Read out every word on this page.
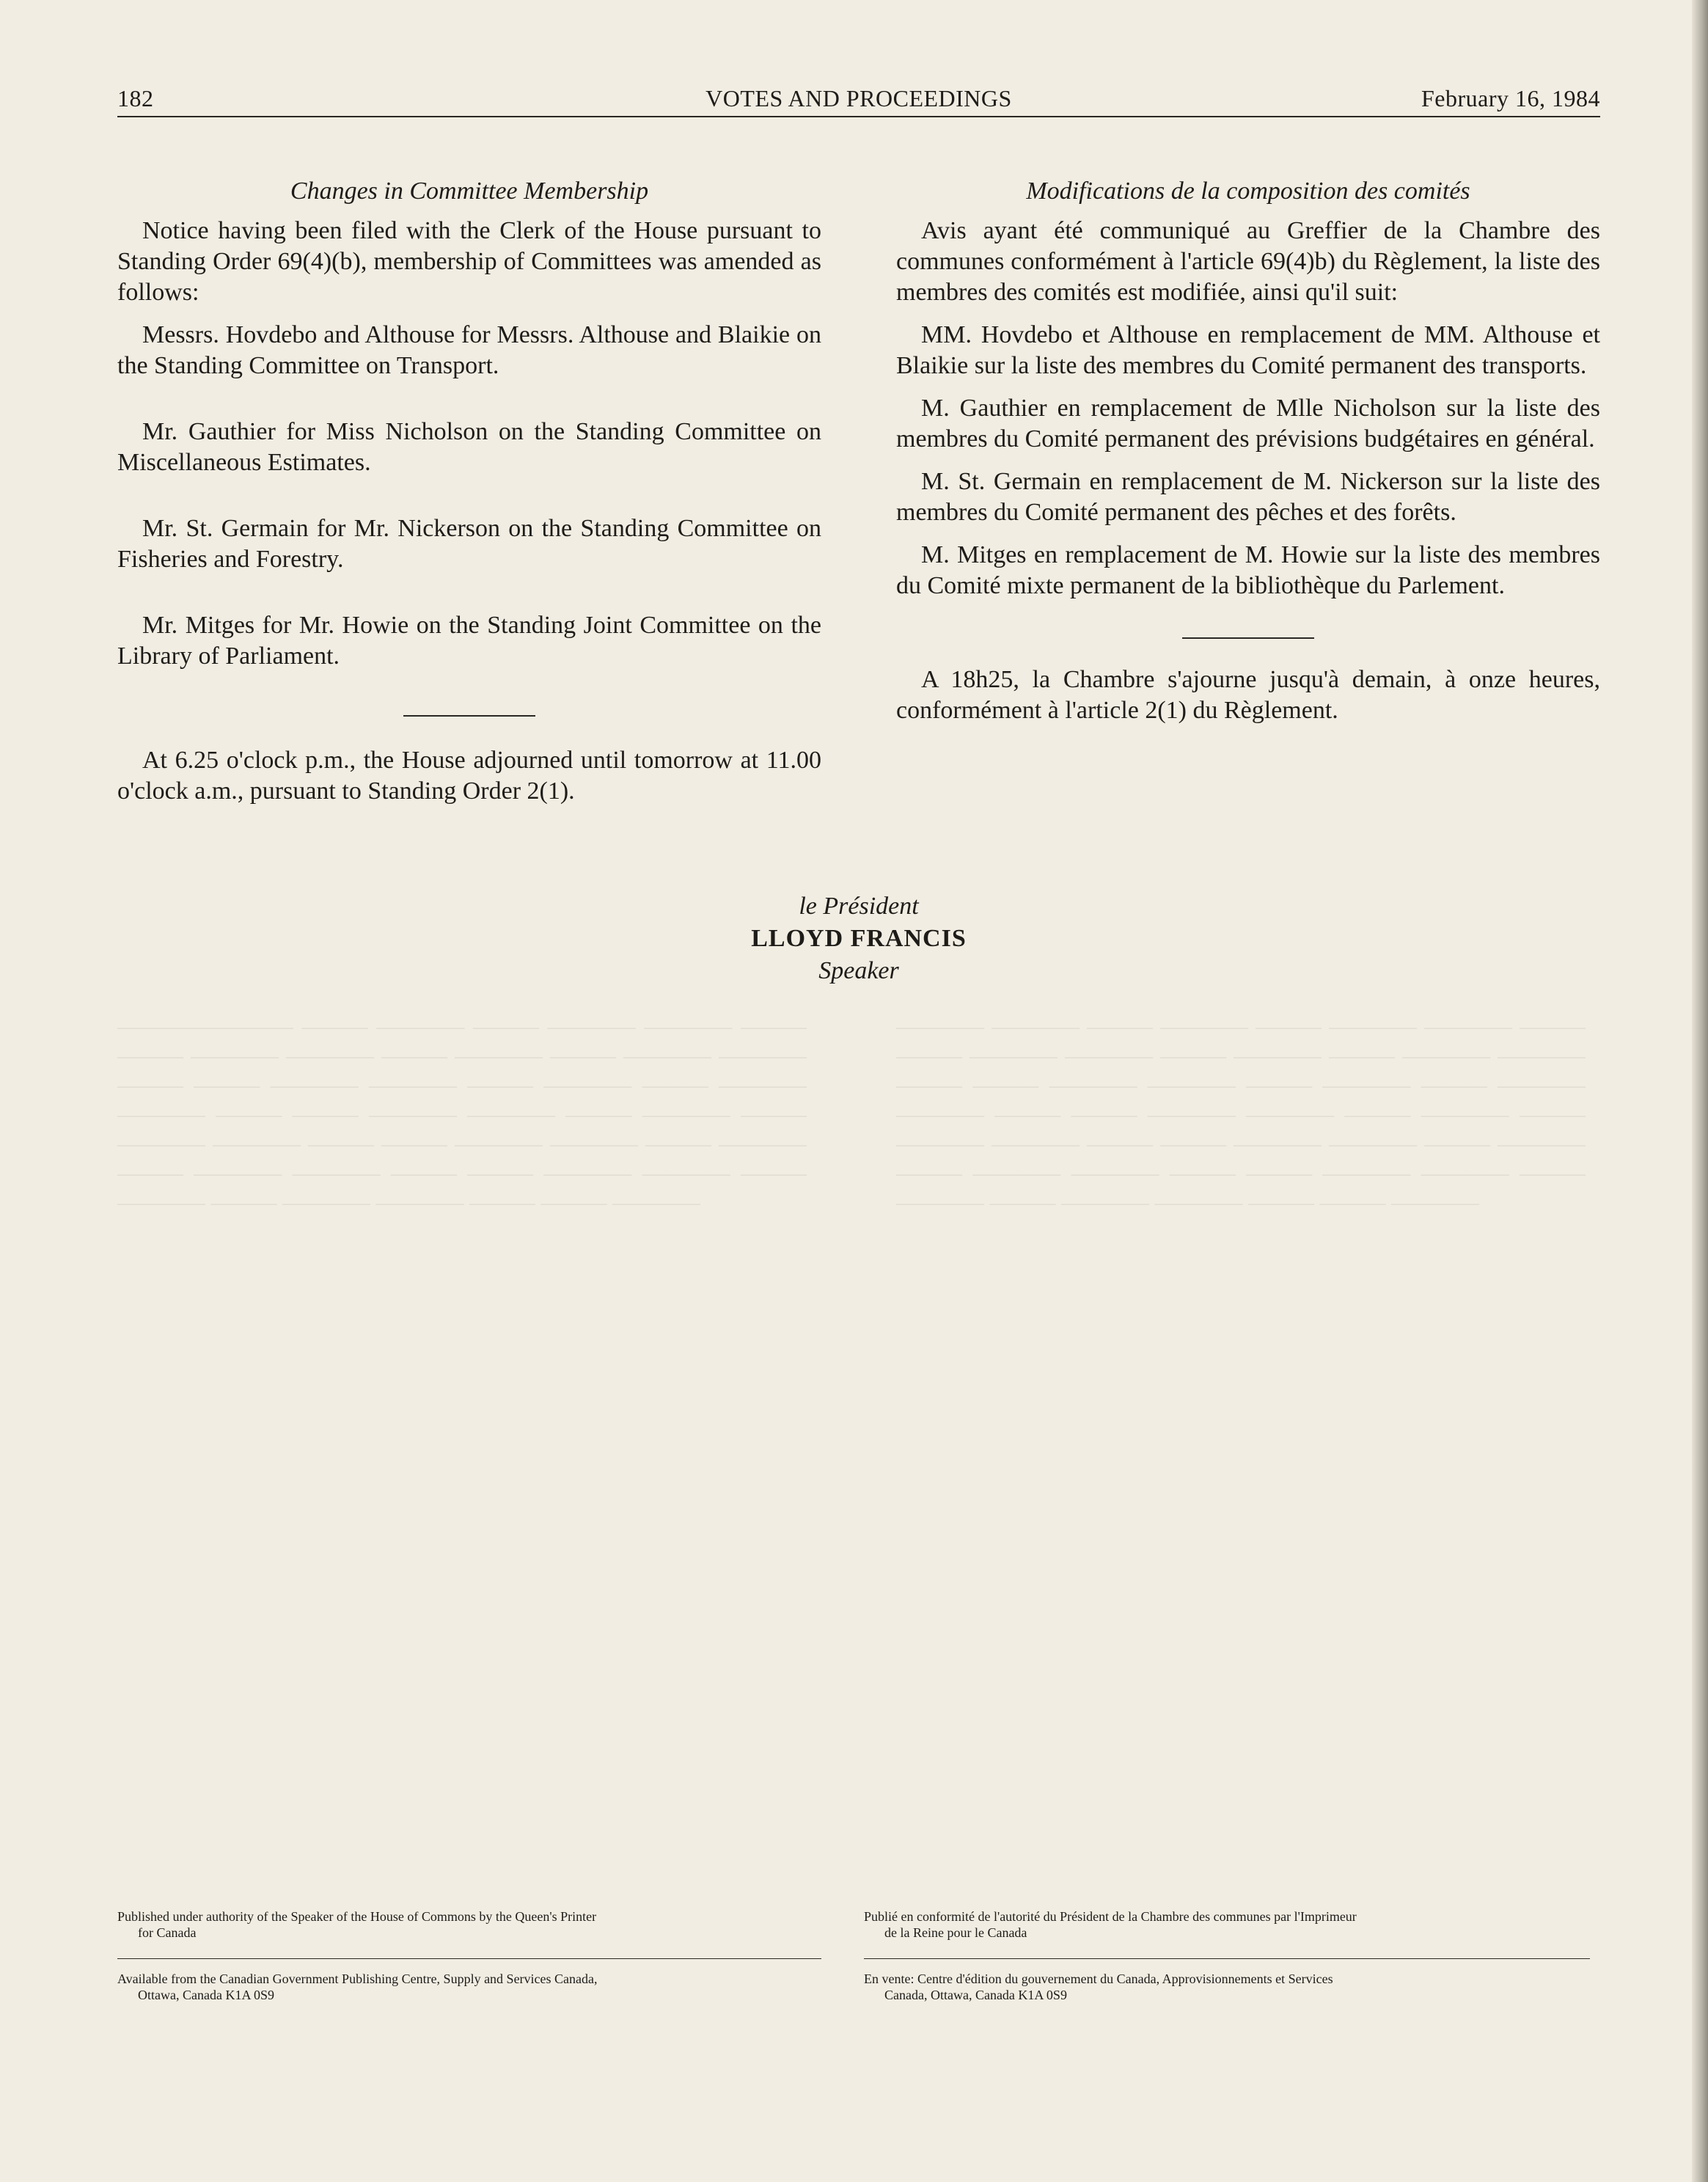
———————— ——— ———— ——— ———— ———— ——— ——— ———— ———— ——— ———— ——— ———— ———— ——— ——— ———— ———— ——— ———— ——— ———— ———— ——— ——— ———— ———— ——— ———— ——— ———— ———— ——— ——— ———— ———— ——— ———— ——— ———— ———— ——— ——— ———— ———— ——— ———— ——— ———— ———— ——— ——— ————
———— ———— ——— ———— ——— ———— ———— ——— ——— ———— ———— ——— ———— ——— ———— ———— ——— ——— ———— ———— ——— ———— ——— ———— ———— ——— ——— ———— ———— ——— ———— ——— ———— ———— ——— ——— ———— ———— ——— ———— ——— ———— ———— ——— ——— ———— ———— ——— ———— ——— ———— ———— ——— ——— ————
182	VOTES AND PROCEEDINGS	February 16, 1984
Changes in Committee Membership

Notice having been filed with the Clerk of the House pursuant to Standing Order 69(4)(b), membership of Committees was amended as follows:

Messrs. Hovdebo and Althouse for Messrs. Althouse and Blaikie on the Standing Committee on Transport.

Mr. Gauthier for Miss Nicholson on the Standing Committee on Miscellaneous Estimates.

Mr. St. Germain for Mr. Nickerson on the Standing Committee on Fisheries and Forestry.

Mr. Mitges for Mr. Howie on the Standing Joint Committee on the Library of Parliament.

At 6.25 o'clock p.m., the House adjourned until tomorrow at 11.00 o'clock a.m., pursuant to Standing Order 2(1).

Modifications de la composition des comités

Avis ayant été communiqué au Greffier de la Chambre des communes conformément à l'article 69(4)b) du Règlement, la liste des membres des comités est modifiée, ainsi qu'il suit:

MM. Hovdebo et Althouse en remplacement de MM. Althouse et Blaikie sur la liste des membres du Comité permanent des transports.

M. Gauthier en remplacement de Mlle Nicholson sur la liste des membres du Comité permanent des prévisions budgétaires en général.

M. St. Germain en remplacement de M. Nickerson sur la liste des membres du Comité permanent des pêches et des forêts.

M. Mitges en remplacement de M. Howie sur la liste des membres du Comité mixte permanent de la bibliothèque du Parlement.

A 18h25, la Chambre s'ajourne jusqu'à demain, à onze heures, conformément à l'article 2(1) du Règlement.

le Président
LLOYD FRANCIS
Speaker
Published under authority of the Speaker of the House of Commons by the Queen's Printer
for Canada
Available from the Canadian Government Publishing Centre, Supply and Services Canada,
Ottawa, Canada K1A 0S9
Publié en conformité de l'autorité du Président de la Chambre des communes par l'Imprimeur
de la Reine pour le Canada
En vente: Centre d'édition du gouvernement du Canada, Approvisionnements et Services
Canada, Ottawa, Canada K1A 0S9
